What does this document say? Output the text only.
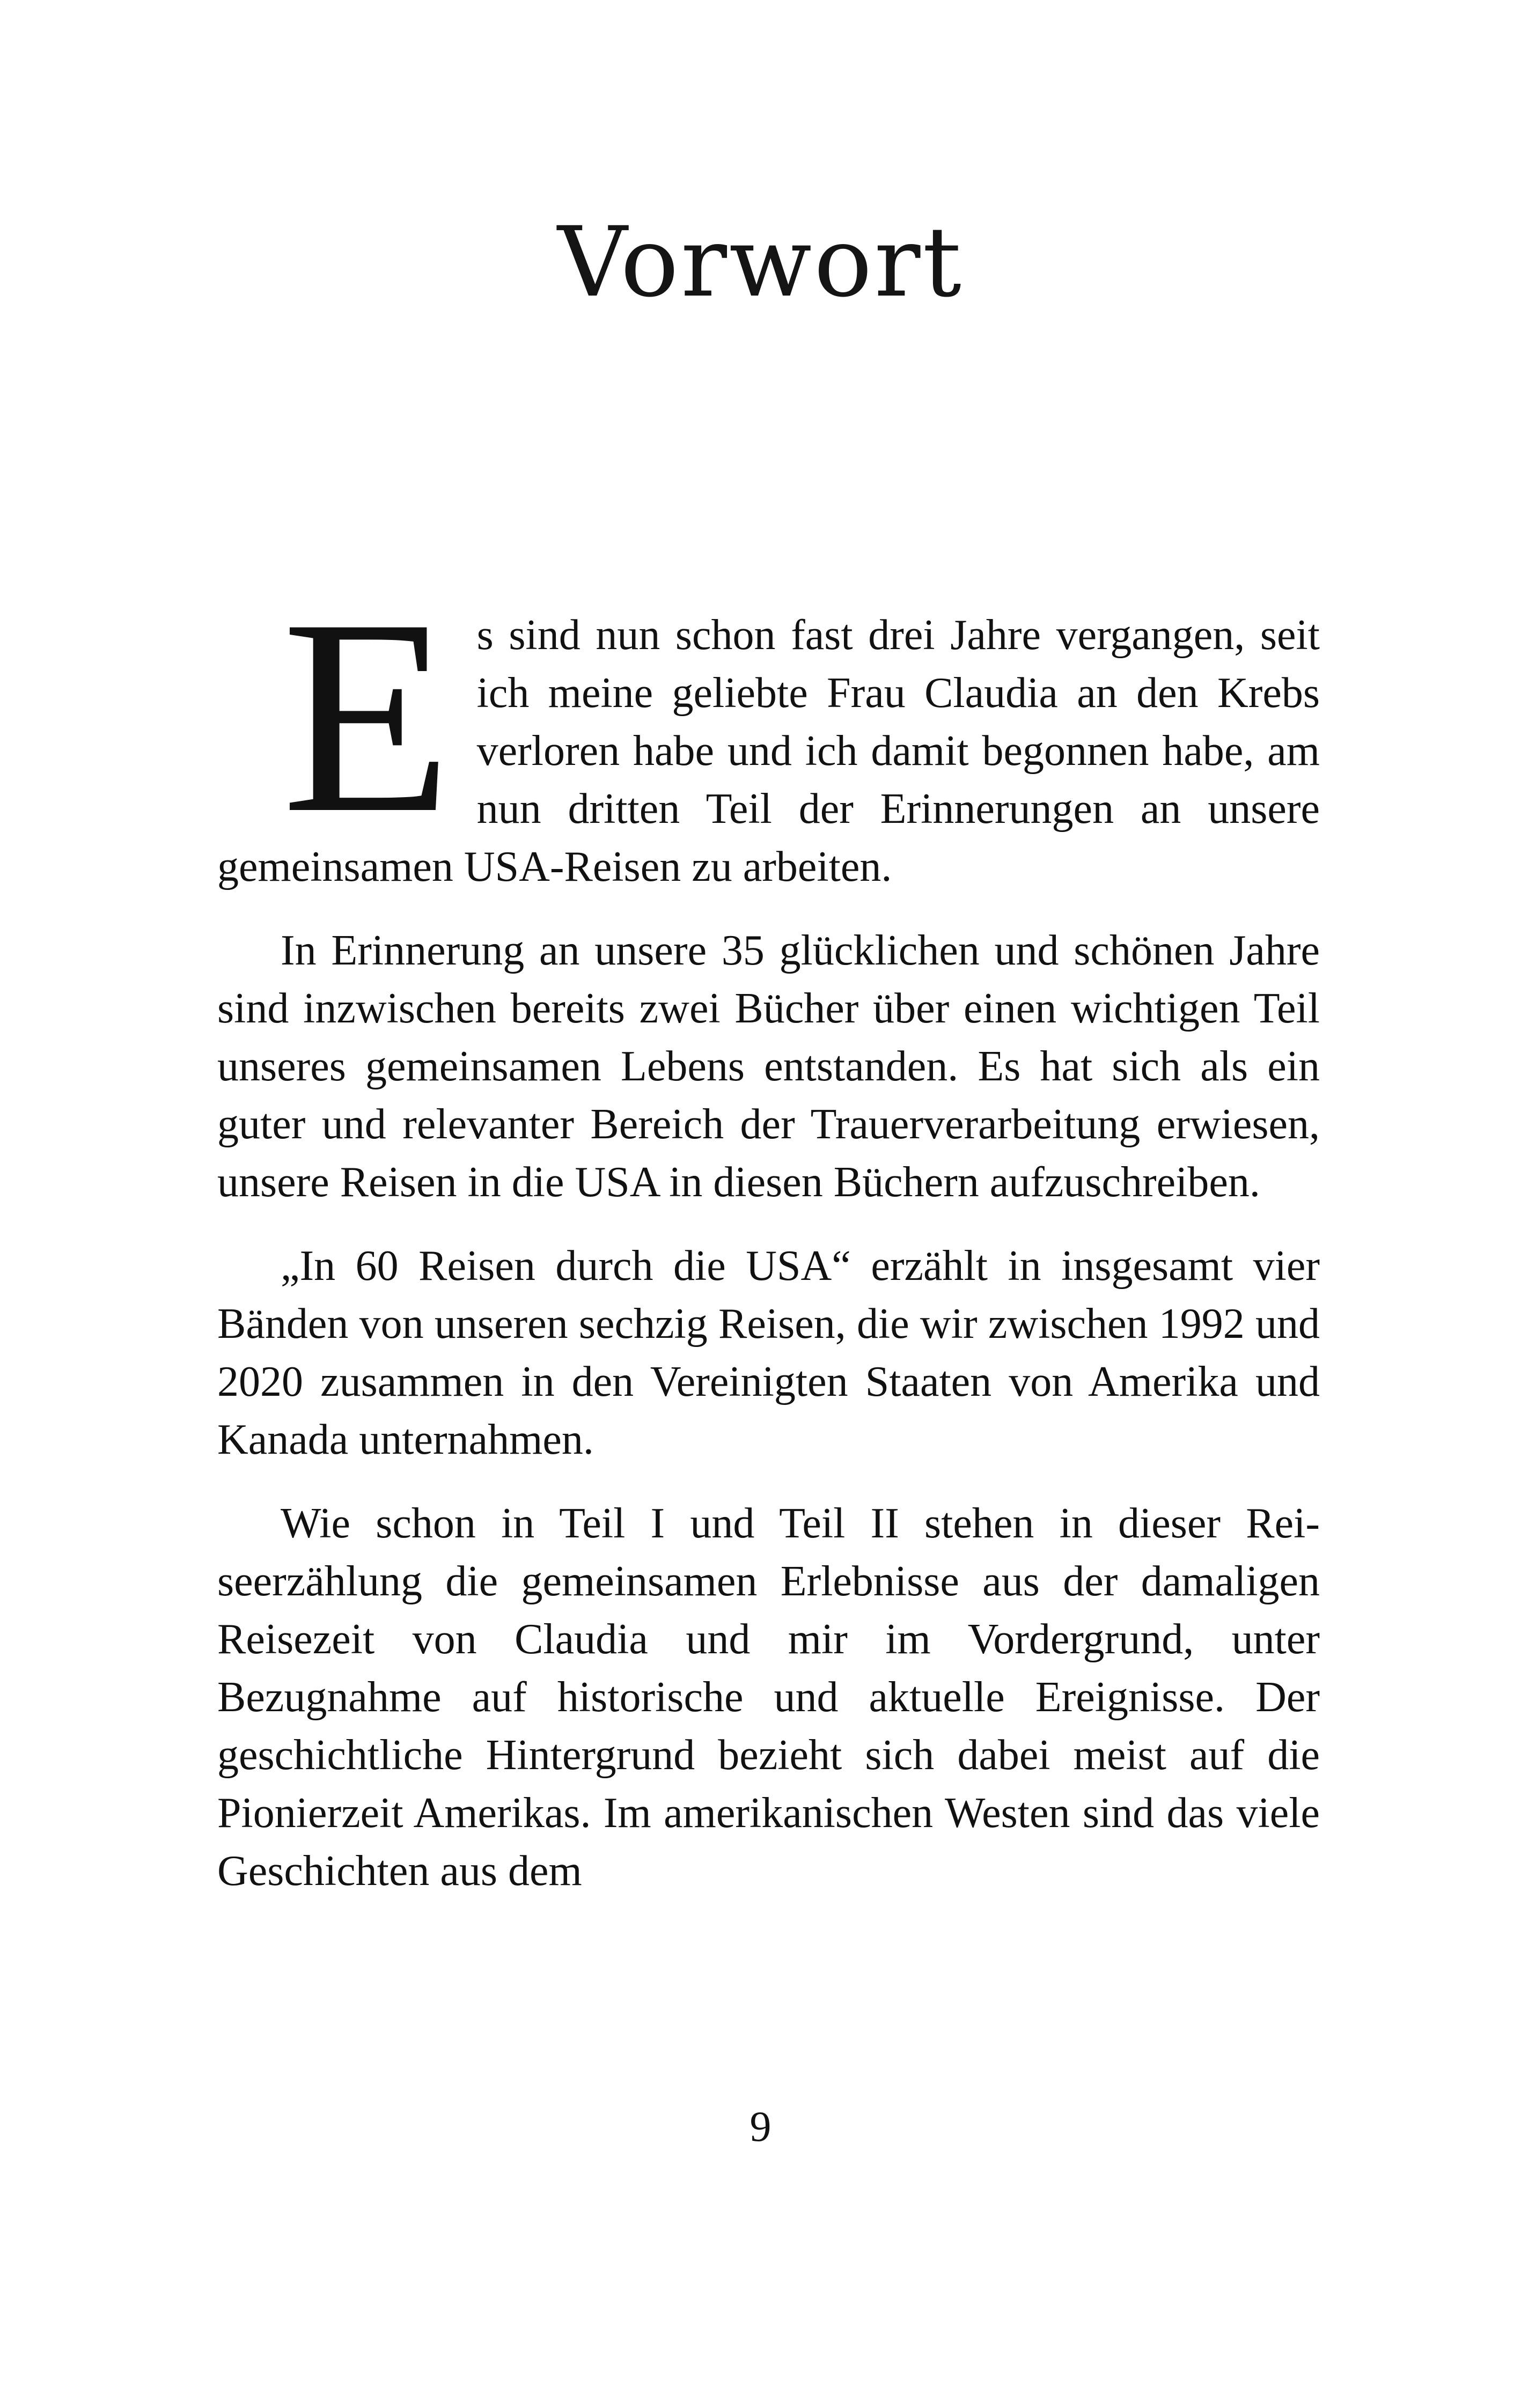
Vorwort

Es sind nun schon fast drei Jahre vergangen, seit ich meine geliebte Frau Claudia an den Krebs verloren habe und ich damit begonnen habe, am nun dritten Teil der Erinnerungen an unsere gemeinsamen USA-Reisen zu arbeiten.

In Erinnerung an unsere 35 glücklichen und schönen Jahre sind inzwischen bereits zwei Bücher über einen wichtigen Teil unseres gemeinsamen Lebens entstanden. Es hat sich als ein guter und relevanter Bereich der Trauerverarbeitung erwiesen, unsere Reisen in die USA in diesen Büchern aufzuschreiben.

„In 60 Reisen durch die USA“ erzählt in insgesamt vier Bänden von unseren sechzig Reisen, die wir zwischen 1992 und 2020 zusammen in den Vereinigten Staaten von Amerika und Kanada unternahmen.

Wie schon in Teil I und Teil II stehen in dieser Reiseerzählung die gemeinsamen Erlebnisse aus der damaligen Reisezeit von Claudia und mir im Vordergrund, unter Bezugnahme auf historische und aktuelle Ereignisse. Der geschichtliche Hintergrund bezieht sich dabei meist auf die Pionierzeit Amerikas. Im amerikanischen Westen sind das viele Geschichten aus dem

9
